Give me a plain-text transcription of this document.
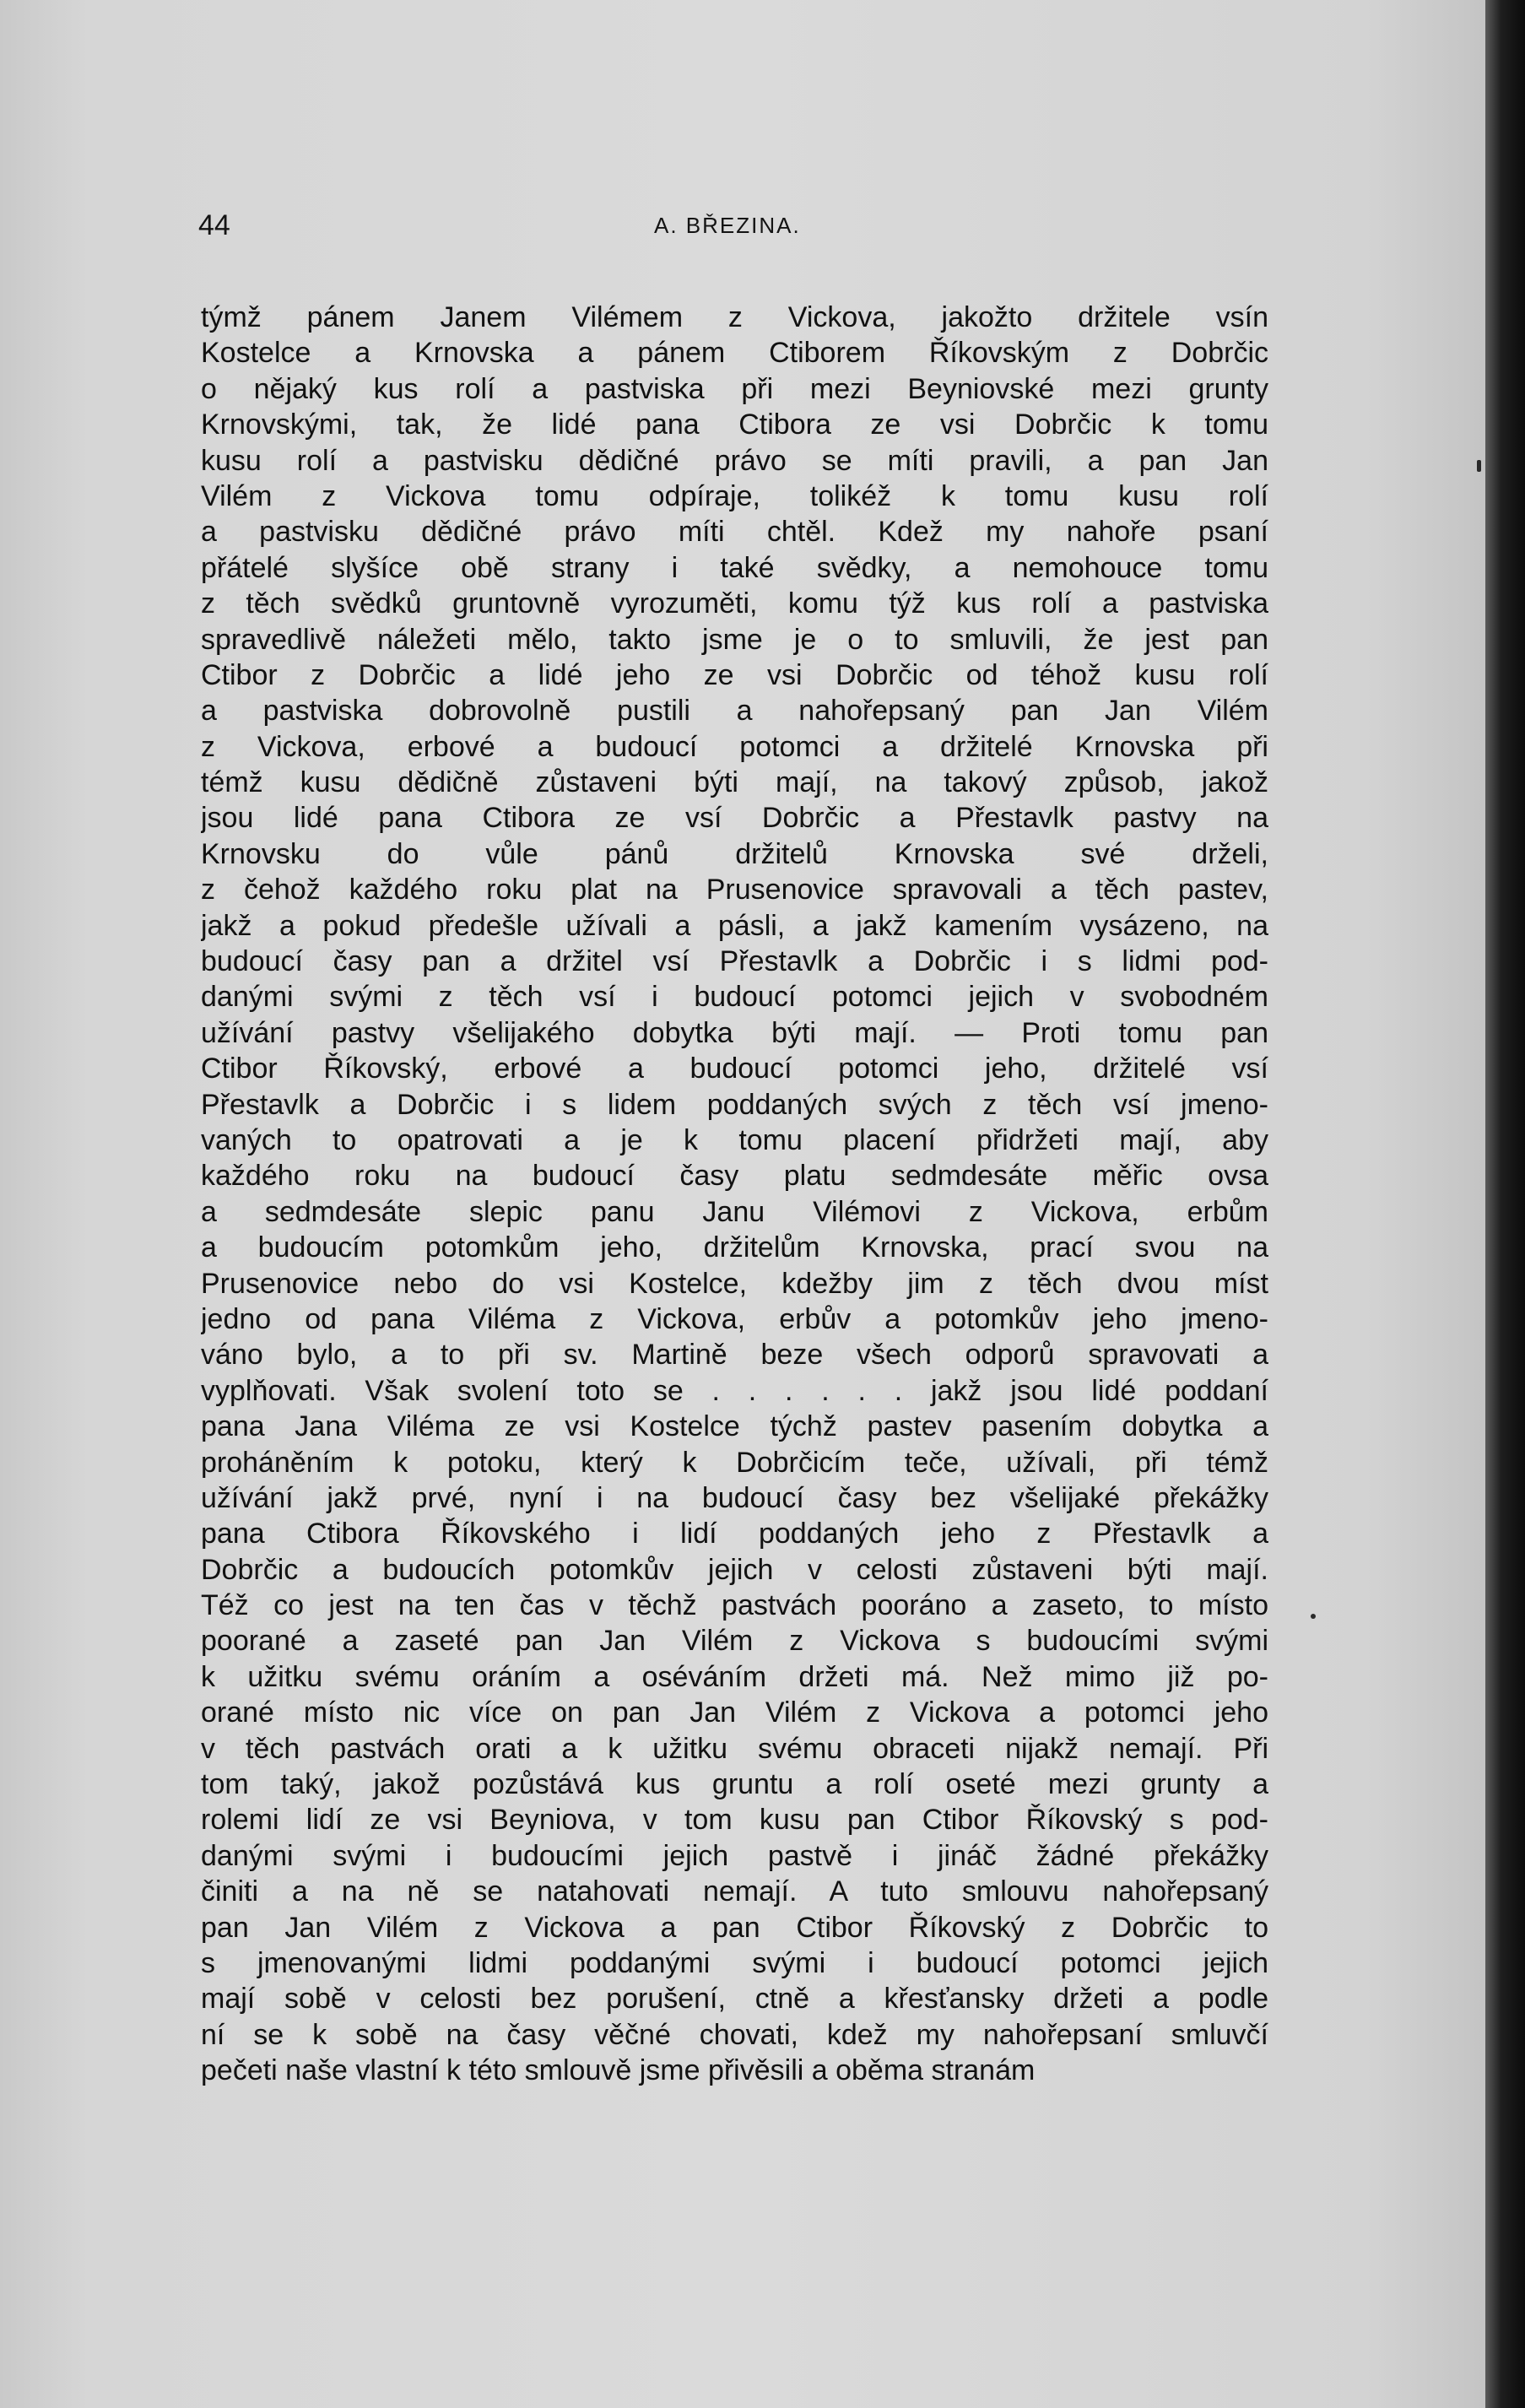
44	A. BŘEZINA.
týmž pánem Janem Vilémem z Vickova, jakožto držitele vsín
Kostelce a Krnovska a pánem Ctiborem Říkovským z Dobrčic
o nějaký kus rolí a pastviska při mezi Beyniovské mezi grunty
Krnovskými, tak, že lidé pana Ctibora ze vsi Dobrčic k tomu
kusu rolí a pastvisku dědičné právo se míti pravili, a pan Jan
Vilém z Vickova tomu odpíraje, tolikéž k tomu kusu rolí
a pastvisku dědičné právo míti chtěl. Kdež my nahoře psaní
přátelé slyšíce obě strany i také svědky, a nemohouce tomu
z těch svědků gruntovně vyrozuměti, komu týž kus rolí a pastviska
spravedlivě náležeti mělo, takto jsme je o to smluvili, že jest pan
Ctibor z Dobrčic a lidé jeho ze vsi Dobrčic od téhož kusu rolí
a pastviska dobrovolně pustili a nahořepsaný pan Jan Vilém
z Vickova, erbové a budoucí potomci a držitelé Krnovska při
témž kusu dědičně zůstaveni býti mají, na takový způsob, jakož
jsou lidé pana Ctibora ze vsí Dobrčic a Přestavlk pastvy na
Krnovsku do vůle pánů držitelů Krnovska své drželi,
z čehož každého roku plat na Prusenovice spravovali a těch pastev,
jakž a pokud předešle užívali a pásli, a jakž kamením vysázeno, na
budoucí časy pan a držitel vsí Přestavlk a Dobrčic i s lidmi pod-
danými svými z těch vsí i budoucí potomci jejich v svobodném
užívání pastvy všelijakého dobytka býti mají. — Proti tomu pan
Ctibor Říkovský, erbové a budoucí potomci jeho, držitelé vsí
Přestavlk a Dobrčic i s lidem poddaných svých z těch vsí jmeno-
vaných to opatrovati a je k tomu placení přidržeti mají, aby
každého roku na budoucí časy platu sedmdesáte měřic ovsa
a sedmdesáte slepic panu Janu Vilémovi z Vickova, erbům
a budoucím potomkům jeho, držitelům Krnovska, prací svou na
Prusenovice nebo do vsi Kostelce, kdežby jim z těch dvou míst
jedno od pana Viléma z Vickova, erbův a potomkův jeho jmeno-
váno bylo, a to při sv. Martině beze všech odporů spravovati a
vyplňovati. Však svolení toto se . . . . . . jakž jsou lidé poddaní
pana Jana Viléma ze vsi Kostelce týchž pastev pasením dobytka a
proháněním k potoku, který k Dobrčicím teče, užívali, při témž
užívání jakž prvé, nyní i na budoucí časy bez všelijaké překážky
pana Ctibora Říkovského i lidí poddaných jeho z Přestavlk a
Dobrčic a budoucích potomkův jejich v celosti zůstaveni býti mají.
Též co jest na ten čas v těchž pastvách pooráno a zaseto, to místo
poorané a zaseté pan Jan Vilém z Vickova s budoucími svými
k užitku svému oráním a oséváním držeti má. Než mimo již po-
orané místo nic více on pan Jan Vilém z Vickova a potomci jeho
v těch pastvách orati a k užitku svému obraceti nijakž nemají. Při
tom taký, jakož pozůstává kus gruntu a rolí oseté mezi grunty a
rolemi lidí ze vsi Beyniova, v tom kusu pan Ctibor Říkovský s pod-
danými svými i budoucími jejich pastvě i jináč žádné překážky
činiti a na ně se natahovati nemají. A tuto smlouvu nahořepsaný
pan Jan Vilém z Vickova a pan Ctibor Říkovský z Dobrčic to
s jmenovanými lidmi poddanými svými i budoucí potomci jejich
mají sobě v celosti bez porušení, ctně a křesťansky držeti a podle
ní se k sobě na časy věčné chovati, kdež my nahořepsaní smluvčí
pečeti naše vlastní k této smlouvě jsme přivěsili a oběma stranám
